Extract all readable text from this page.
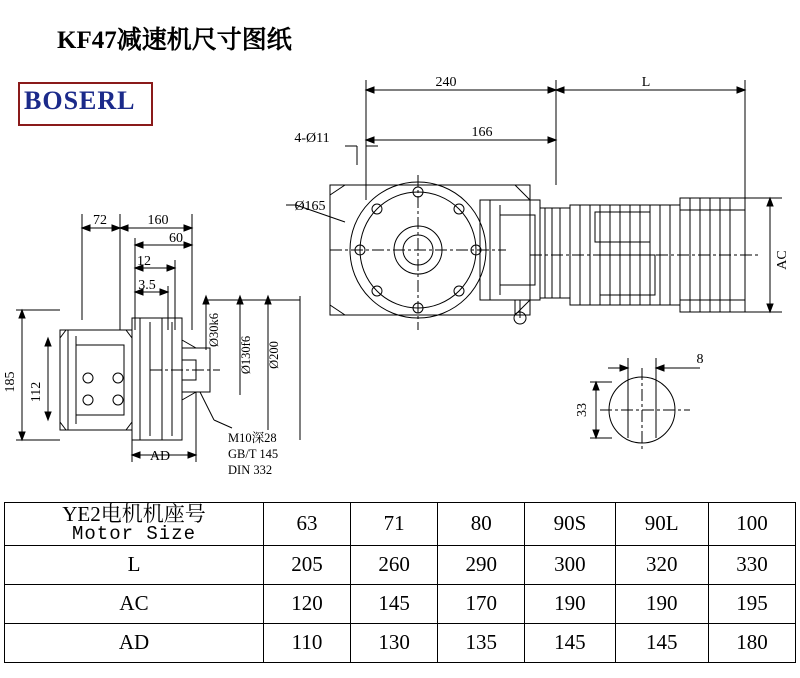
KF47减速机尺寸图纸
BOSERL
240	L
166
4-Ø11
Ø165
AC
72	160
60
12
3.5
Ø30k6
Ø130f6 Ø200
185 112
AD
M10深28
GB/T 145
DIN 332
8
33
YE2电机机座号
Motor Size	63	71	80	90S	90L	100
L	205	260	290	300	320	330
AC	120	145	170	190	190	195
AD	110	130	135	145	145	180
